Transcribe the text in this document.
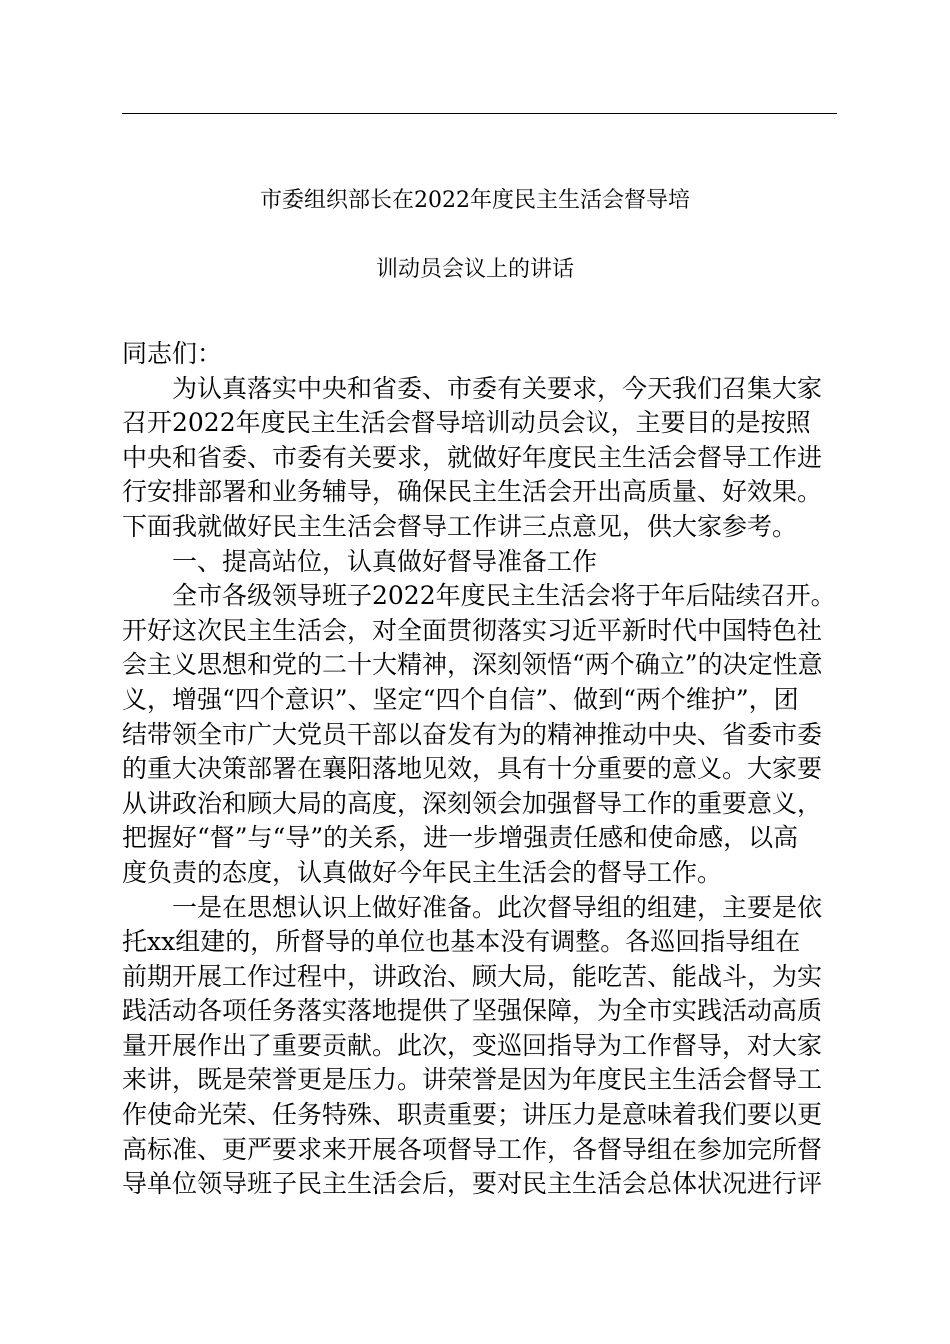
市委组织部长在2022年度民主生活会督导培
训动员会议上的讲话
同志们：
为认真落实中央和省委、市委有关要求，今天我们召集大家
召开2022年度民主生活会督导培训动员会议，主要目的是按照
中央和省委、市委有关要求，就做好年度民主生活会督导工作进
行安排部署和业务辅导，确保民主生活会开出高质量、好效果。
下面我就做好民主生活会督导工作讲三点意见，供大家参考。
一、提高站位，认真做好督导准备工作
全市各级领导班子2022年度民主生活会将于年后陆续召开。
开好这次民主生活会，对全面贯彻落实习近平新时代中国特色社
会主义思想和党的二十大精神，深刻领悟“两个确立”的决定性意
义，增强“四个意识”、坚定“四个自信”、做到“两个维护”，团
结带领全市广大党员干部以奋发有为的精神推动中央、省委市委
的重大决策部署在襄阳落地见效，具有十分重要的意义。大家要
从讲政治和顾大局的高度，深刻领会加强督导工作的重要意义，
把握好“督”与“导”的关系，进一步增强责任感和使命感，以高
度负责的态度，认真做好今年民主生活会的督导工作。
一是在思想认识上做好准备。此次督导组的组建，主要是依
托xx组建的，所督导的单位也基本没有调整。各巡回指导组在
前期开展工作过程中，讲政治、顾大局，能吃苦、能战斗，为实
践活动各项任务落实落地提供了坚强保障，为全市实践活动高质
量开展作出了重要贡献。此次，变巡回指导为工作督导，对大家
来讲，既是荣誉更是压力。讲荣誉是因为年度民主生活会督导工
作使命光荣、任务特殊、职责重要；讲压力是意味着我们要以更
高标准、更严要求来开展各项督导工作，各督导组在参加完所督
导单位领导班子民主生活会后，要对民主生活会总体状况进行评
